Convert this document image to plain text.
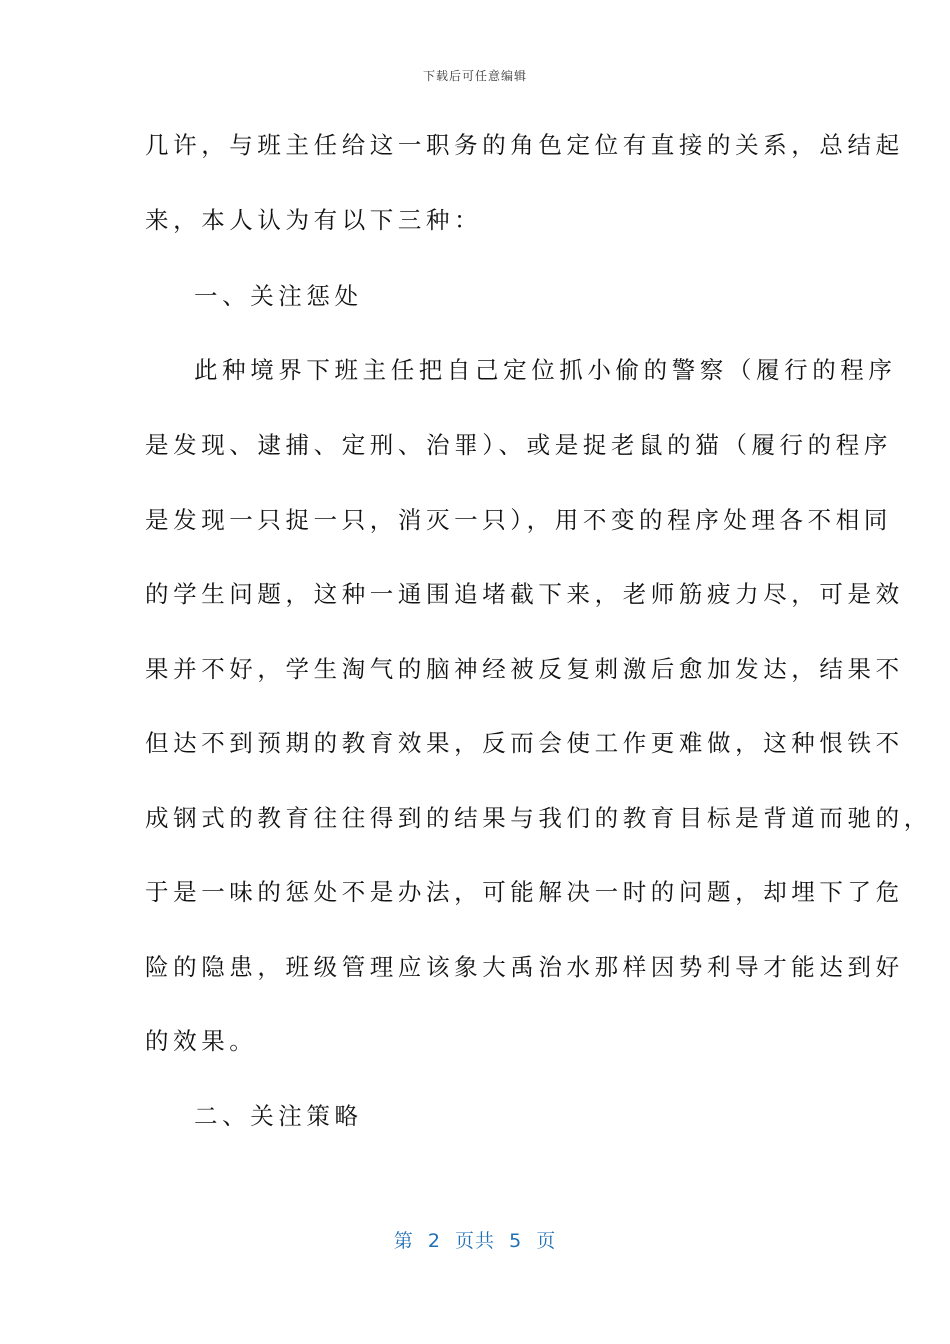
下载后可任意编辑
几许，与班主任给这一职务的角色定位有直接的关系，总结起
来，本人认为有以下三种：
一、关注惩处
此种境界下班主任把自己定位抓小偷的警察（履行的程序
是发现、逮捕、定刑、治罪）、或是捉老鼠的猫（履行的程序
是发现一只捉一只，消灭一只），用不变的程序处理各不相同
的学生问题，这种一通围追堵截下来，老师筋疲力尽，可是效
果并不好，学生淘气的脑神经被反复刺激后愈加发达，结果不
但达不到预期的教育效果，反而会使工作更难做，这种恨铁不
成钢式的教育往往得到的结果与我们的教育目标是背道而驰的，
于是一味的惩处不是办法，可能解决一时的问题，却埋下了危
险的隐患，班级管理应该象大禹治水那样因势利导才能达到好
的效果。
二、关注策略
第  2  页共  5  页
